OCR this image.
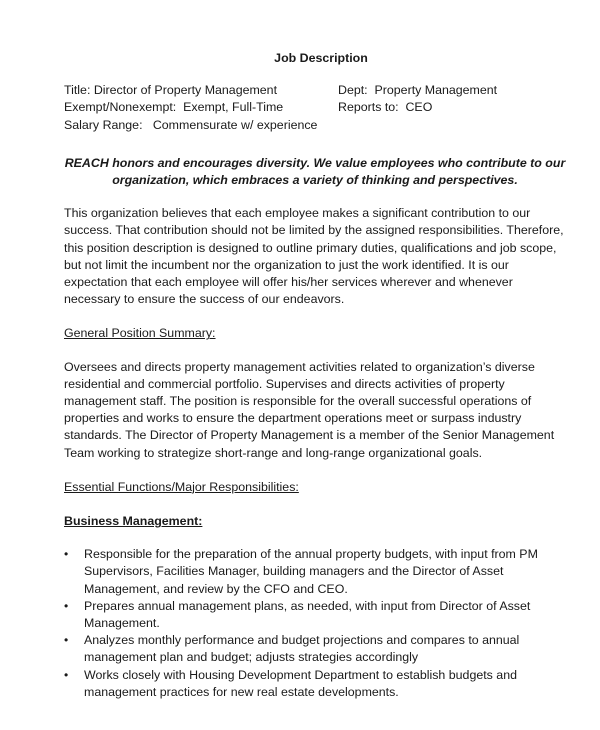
Job Description
Title: Director of Property Management	Dept:  Property Management
Exempt/Nonexempt:  Exempt, Full-Time	Reports to:  CEO
Salary Range:   Commensurate w/ experience

REACH honors and encourages diversity. We value employees who contribute to our organization, which embraces a variety of thinking and perspectives.

This organization believes that each employee makes a significant contribution to our success. That contribution should not be limited by the assigned responsibilities. Therefore, this position description is designed to outline primary duties, qualifications and job scope, but not limit the incumbent nor the organization to just the work identified. It is our expectation that each employee will offer his/her services wherever and whenever necessary to ensure the success of our endeavors.

General Position Summary:

Oversees and directs property management activities related to organization’s diverse residential and commercial portfolio. Supervises and directs activities of property management staff. The position is responsible for the overall successful operations of properties and works to ensure the department operations meet or surpass industry standards. The Director of Property Management is a member of the Senior Management Team working to strategize short-range and long-range organizational goals.

Essential Functions/Major Responsibilities:

Business Management:

• Responsible for the preparation of the annual property budgets, with input from PM Supervisors, Facilities Manager, building managers and the Director of Asset Management, and review by the CFO and CEO.
• Prepares annual management plans, as needed, with input from Director of Asset Management.
• Analyzes monthly performance and budget projections and compares to annual management plan and budget; adjusts strategies accordingly
• Works closely with Housing Development Department to establish budgets and management practices for new real estate developments.
